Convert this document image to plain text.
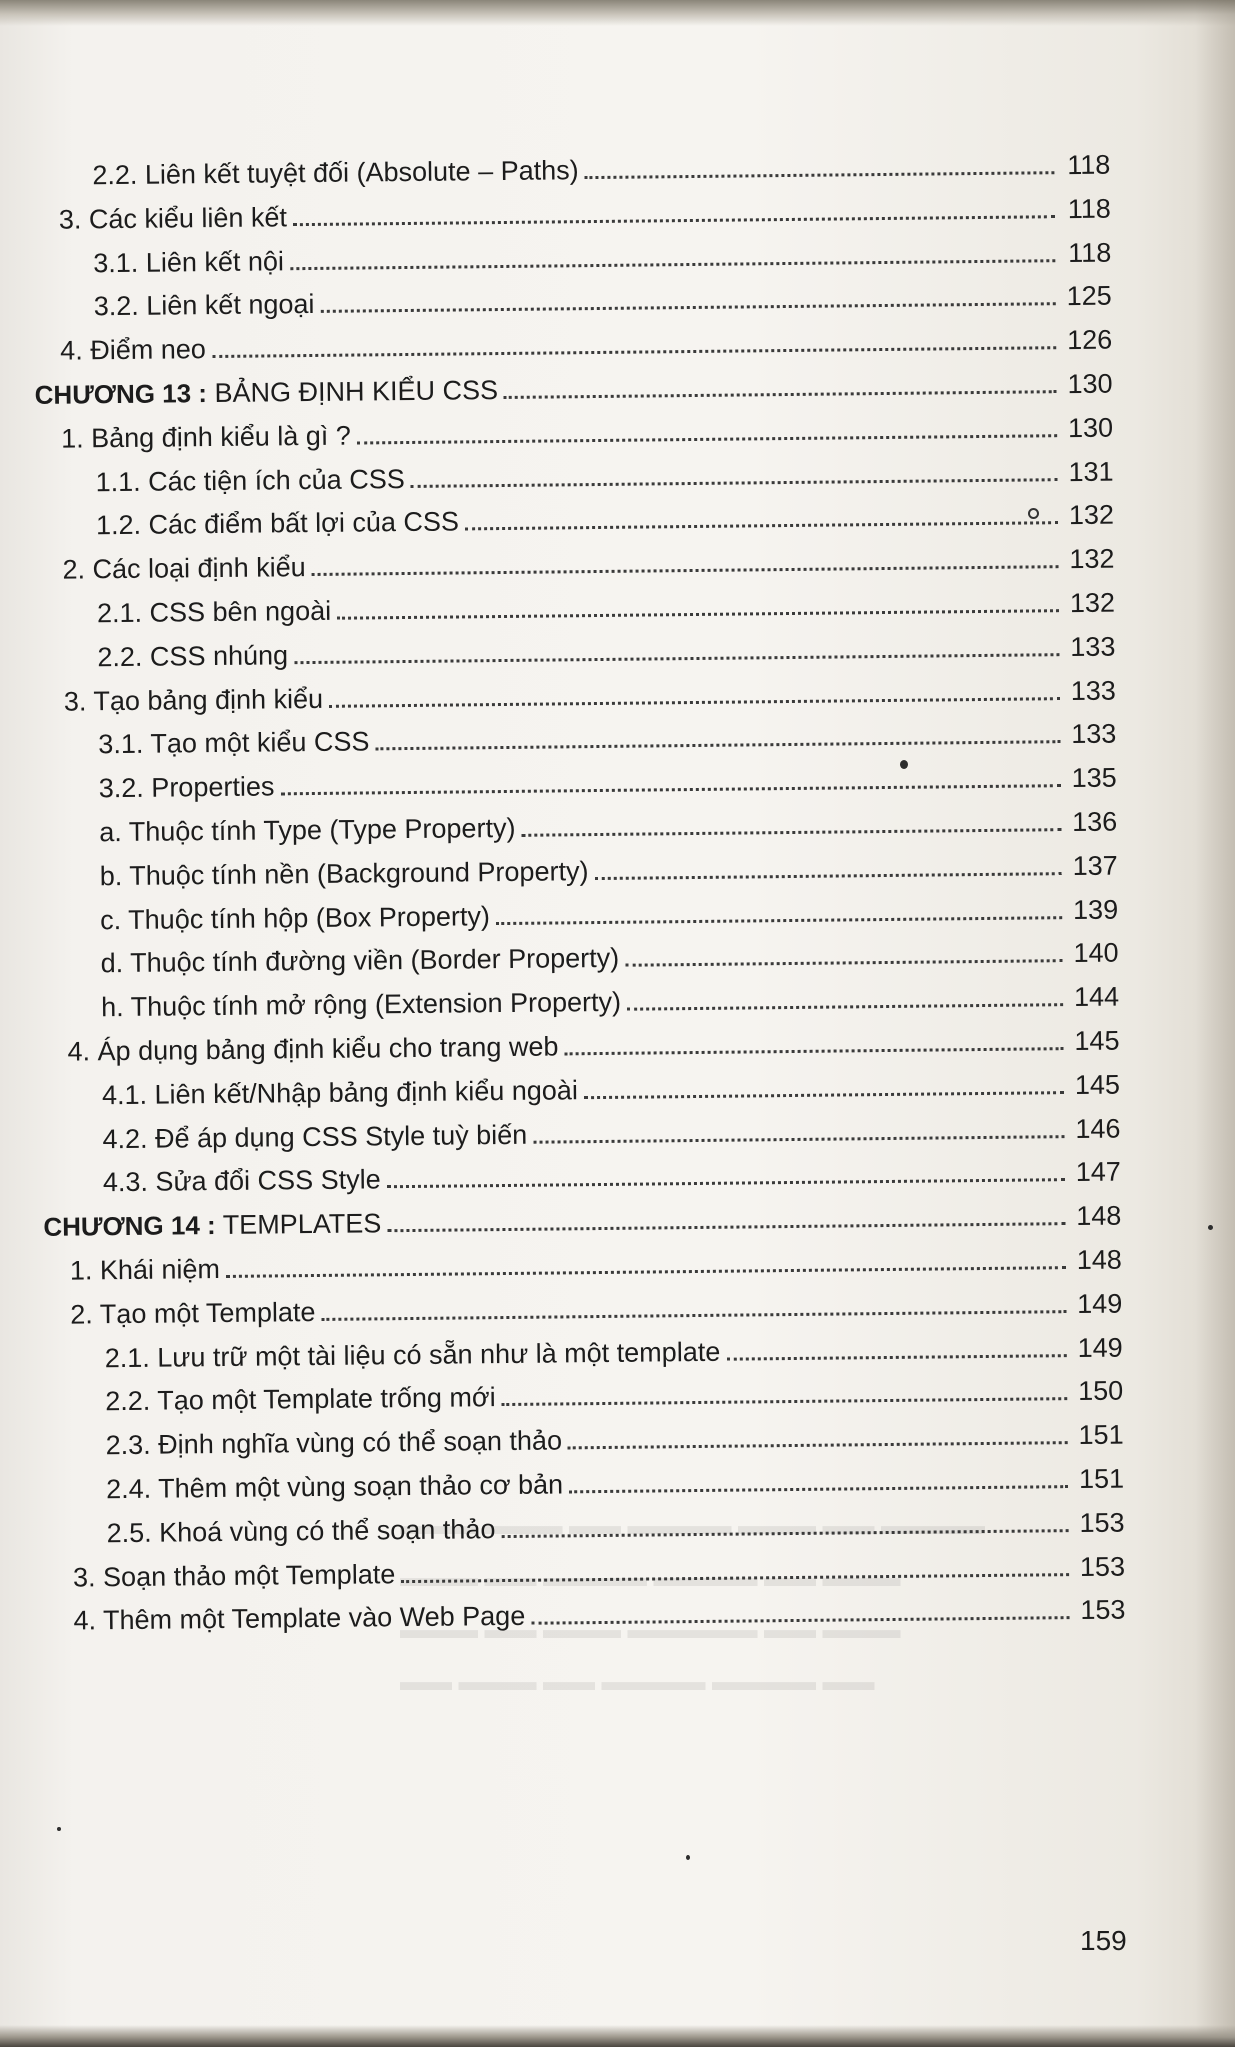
▬▬▬ ▬▬▬ ▬▬ ▬▬▬▬ ▬▬▬ ▬▬ ▬▬▬▬
▬▬▬ ▬▬ ▬▬▬▬ ▬▬▬▬ ▬▬ ▬▬▬
▬▬▬ ▬▬ ▬▬▬ ▬▬▬▬▬ ▬▬ ▬▬▬
▬▬ ▬▬▬ ▬▬ ▬▬▬▬ ▬▬▬▬ ▬▬
2.2. Liên kết tuyệt đối (Absolute – Paths)	118
3. Các kiểu liên kết	118
3.1. Liên kết nội	118
3.2. Liên kết ngoại	125
4. Điểm neo	126
CHƯƠNG 13 : BẢNG ĐỊNH KIỂU CSS	130
1. Bảng định kiểu là gì ?	130
1.1. Các tiện ích của CSS	131
1.2. Các điểm bất lợi của CSS	132
2. Các loại định kiểu	132
2.1. CSS bên ngoài	132
2.2. CSS nhúng	133
3. Tạo bảng định kiểu	133
3.1. Tạo một kiểu CSS	133
3.2. Properties	135
a. Thuộc tính Type (Type Property)	136
b. Thuộc tính nền (Background Property)	137
c. Thuộc tính hộp (Box Property)	139
d. Thuộc tính đường viền (Border Property)	140
h. Thuộc tính mở rộng (Extension Property)	144
4. Áp dụng bảng định kiểu cho trang web	145
4.1. Liên kết/Nhập bảng định kiểu ngoài	145
4.2. Để áp dụng CSS Style tuỳ biến	146
4.3. Sửa đổi CSS Style	147
CHƯƠNG 14 : TEMPLATES	148
1. Khái niệm	148
2. Tạo một Template	149
2.1. Lưu trữ một tài liệu có sẵn như là một template	149
2.2. Tạo một Template trống mới	150
2.3. Định nghĩa vùng có thể soạn thảo	151
2.4. Thêm một vùng soạn thảo cơ bản	151
2.5. Khoá vùng có thể soạn thảo	153
3. Soạn thảo một Template	153
4. Thêm một Template vào Web Page	153
159
